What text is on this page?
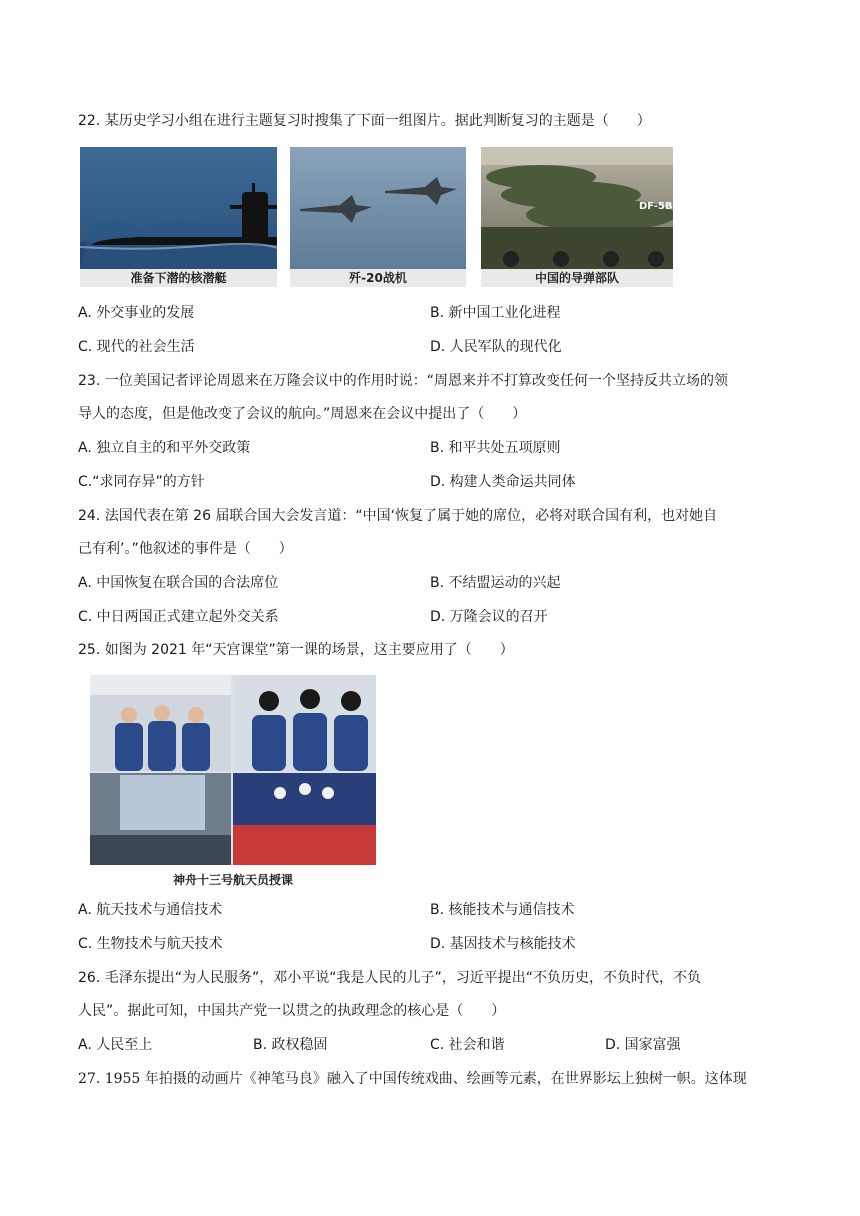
22. 某历史学习小组在进行主题复习时搜集了下面一组图片。据此判断复习的主题是（　　）
准备下潜的核潜艇	歼-20战机
DF-5B
中国的导弹部队
A. 外交事业的发展	B. 新中国工业化进程
C. 现代的社会生活	D. 人民军队的现代化
23. 一位美国记者评论周恩来在万隆会议中的作用时说：“周恩来并不打算改变任何一个坚持反共立场的领
导人的态度，但是他改变了会议的航向。”周恩来在会议中提出了（　　）
A. 独立自主的和平外交政策	B. 和平共处五项原则
C.“求同存异”的方针	D. 构建人类命运共同体
24. 法国代表在第 26 届联合国大会发言道：“中国‘恢复了属于她的席位，必将对联合国有利，也对她自
己有利’。”他叙述的事件是（　　）
A. 中国恢复在联合国的合法席位	B. 不结盟运动的兴起
C. 中日两国正式建立起外交关系	D. 万隆会议的召开
25. 如图为 2021 年“天宫课堂”第一课的场景，这主要应用了（　　）
神舟十三号航天员授课
A. 航天技术与通信技术	B. 核能技术与通信技术
C. 生物技术与航天技术	D. 基因技术与核能技术
26. 毛泽东提出“为人民服务”，邓小平说“我是人民的儿子”，习近平提出“不负历史，不负时代，不负
人民”。据此可知，中国共产党一以贯之的执政理念的核心是（　　）
A. 人民至上	B. 政权稳固	C. 社会和谐	D. 国家富强
27. 1955 年拍摄的动画片《神笔马良》融入了中国传统戏曲、绘画等元素，在世界影坛上独树一帜。这体现
